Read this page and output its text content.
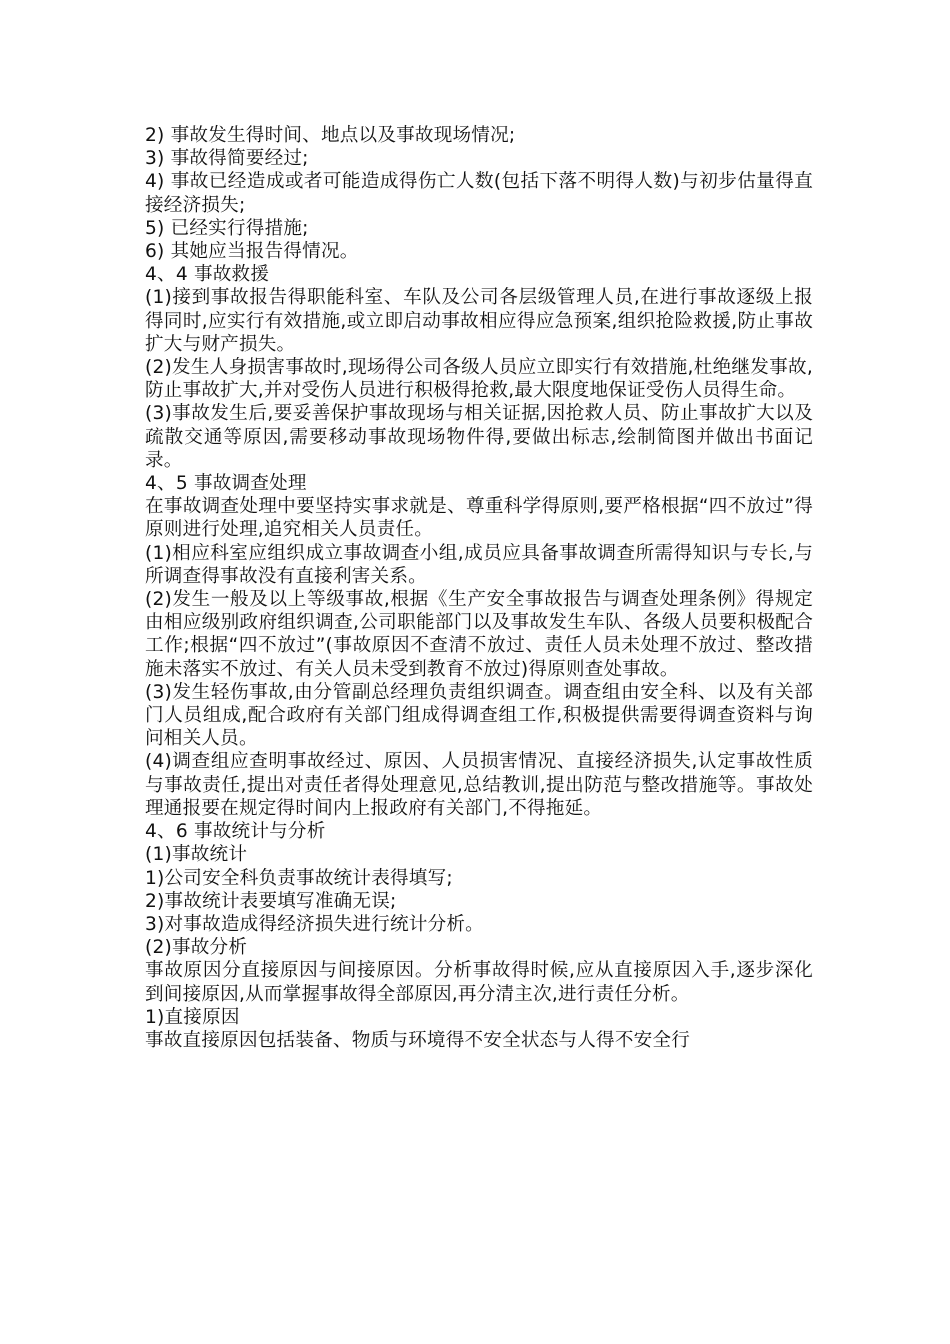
2) 事故发生得时间、地点以及事故现场情况;

3) 事故得简要经过;

4) 事故已经造成或者可能造成得伤亡人数(包括下落不明得人数)与初步估量得直接经济损失;

5) 已经实行得措施;

6) 其她应当报告得情况。

4、4 事故救援

(1)接到事故报告得职能科室、车队及公司各层级管理人员,在进行事故逐级上报得同时,应实行有效措施,或立即启动事故相应得应急预案,组织抢险救援,防止事故扩大与财产损失。

(2)发生人身损害事故时,现场得公司各级人员应立即实行有效措施,杜绝继发事故,防止事故扩大,并对受伤人员进行积极得抢救,最大限度地保证受伤人员得生命。

(3)事故发生后,要妥善保护事故现场与相关证据,因抢救人员、防止事故扩大以及疏散交通等原因,需要移动事故现场物件得,要做出标志,绘制简图并做出书面记录。

4、5 事故调查处理

在事故调查处理中要坚持实事求就是、尊重科学得原则,要严格根据“四不放过”得原则进行处理,追究相关人员责任。

(1)相应科室应组织成立事故调查小组,成员应具备事故调查所需得知识与专长,与所调查得事故没有直接利害关系。

(2)发生一般及以上等级事故,根据《生产安全事故报告与调查处理条例》得规定由相应级别政府组织调查,公司职能部门以及事故发生车队、各级人员要积极配合工作;根据“四不放过”(事故原因不查清不放过、责任人员未处理不放过、整改措施未落实不放过、有关人员未受到教育不放过)得原则查处事故。

(3)发生轻伤事故,由分管副总经理负责组织调查。调查组由安全科、以及有关部门人员组成,配合政府有关部门组成得调查组工作,积极提供需要得调查资料与询问相关人员。

(4)调查组应查明事故经过、原因、人员损害情况、直接经济损失,认定事故性质与事故责任,提出对责任者得处理意见,总结教训,提出防范与整改措施等。事故处理通报要在规定得时间内上报政府有关部门,不得拖延。

4、6 事故统计与分析

(1)事故统计

1)公司安全科负责事故统计表得填写;

2)事故统计表要填写准确无误;

3)对事故造成得经济损失进行统计分析。

(2)事故分析

事故原因分直接原因与间接原因。分析事故得时候,应从直接原因入手,逐步深化到间接原因,从而掌握事故得全部原因,再分清主次,进行责任分析。

1)直接原因

事故直接原因包括装备、物质与环境得不安全状态与人得不安全行
